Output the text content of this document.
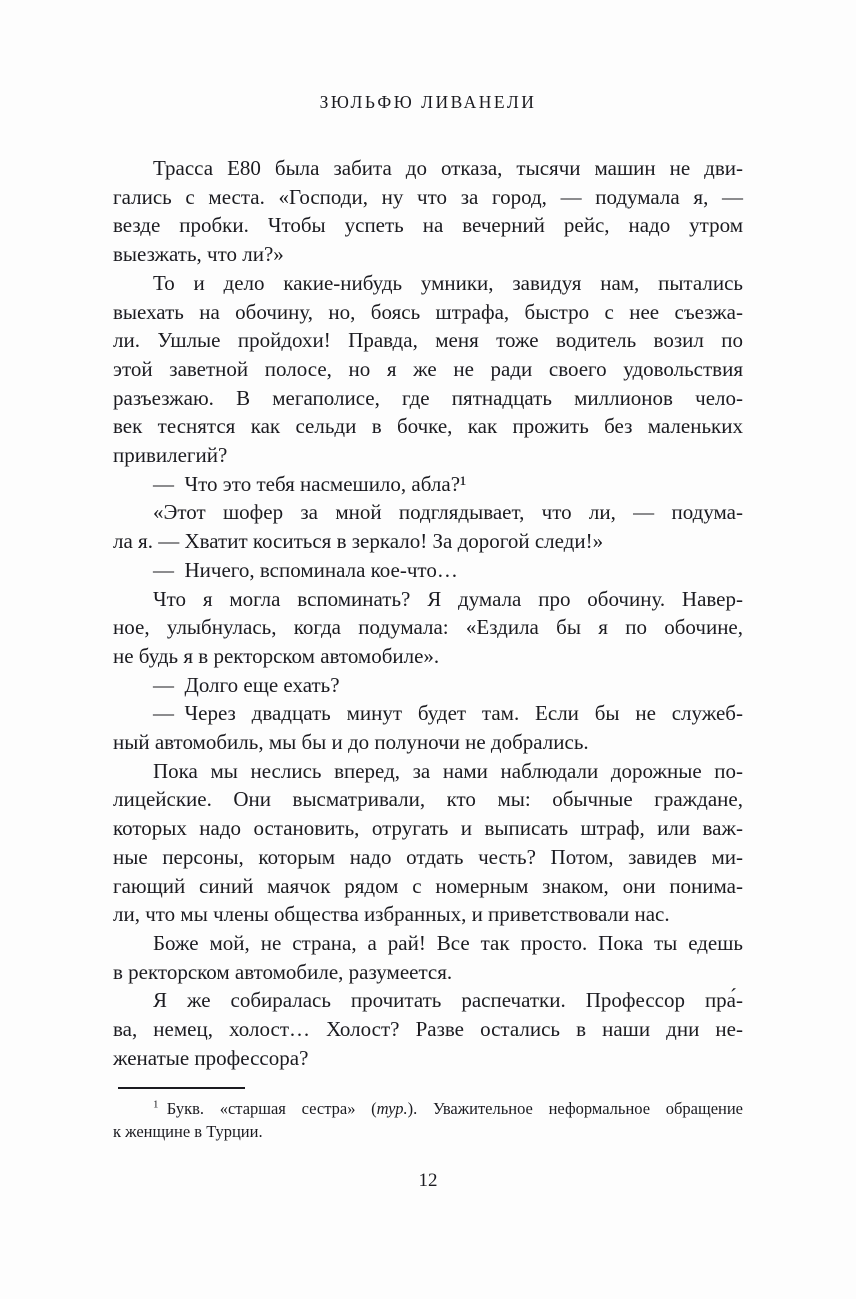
ЗЮЛЬФЮ ЛИВАНЕЛИ
Трасса Е80 была забита до отказа, тысячи машин не дви-
гались с места. «Господи, ну что за город, — подумала я, —
везде пробки. Чтобы успеть на вечерний рейс, надо утром
выезжать, что ли?»
То и дело какие-нибудь умники, завидуя нам, пытались
выехать на обочину, но, боясь штрафа, быстро с нее съезжа-
ли. Ушлые пройдохи! Правда, меня тоже водитель возил по
этой заветной полосе, но я же не ради своего удовольствия
разъезжаю. В мегаполисе, где пятнадцать миллионов чело-
век теснятся как сельди в бочке, как прожить без маленьких
привилегий?
— Что это тебя насмешило, абла?¹
«Этот шофер за мной подглядывает, что ли, — подума-
ла я. — Хватит коситься в зеркало! За дорогой следи!»
— Ничего, вспоминала кое-что…
Что я могла вспоминать? Я думала про обочину. Навер-
ное, улыбнулась, когда подумала: «Ездила бы я по обочине,
не будь я в ректорском автомобиле».
— Долго еще ехать?
— Через двадцать минут будет там. Если бы не служеб-
ный автомобиль, мы бы и до полуночи не добрались.
Пока мы неслись вперед, за нами наблюдали дорожные по-
лицейские. Они высматривали, кто мы: обычные граждане,
которых надо остановить, отругать и выписать штраф, или важ-
ные персоны, которым надо отдать честь? Потом, завидев ми-
гающий синий маячок рядом с номерным знаком, они понима-
ли, что мы члены общества избранных, и приветствовали нас.
Боже мой, не страна, а рай! Все так просто. Пока ты едешь
в ректорском автомобиле, разумеется.
Я же собиралась прочитать распечатки. Профессор пра́-
ва, немец, холост… Холост? Разве остались в наши дни не-
женатые профессора?
$^1$ Букв. «старшая сестра» (тур.). Уважительное неформальное обращение
к женщине в Турции.
12
